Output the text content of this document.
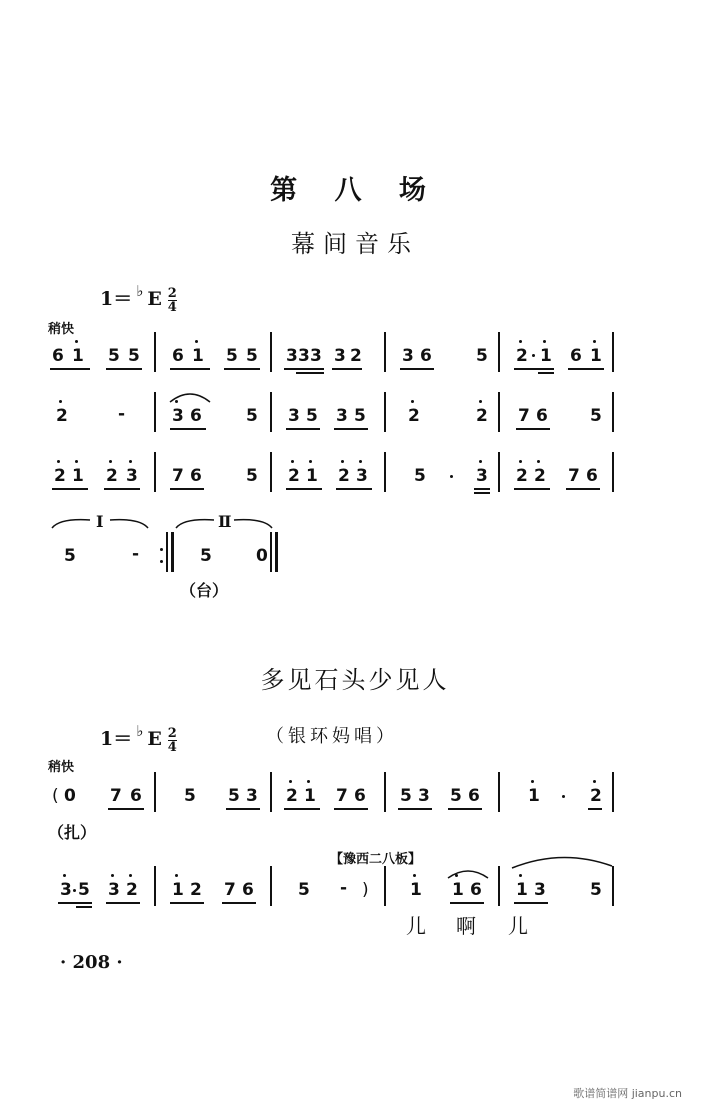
第 八 场
幕间音乐
1＝ ♭ E $\frac{2}{4}$
稍快
6 1 5 5 6 1 5 5 3 3 3 3 2 3 6	5 2 1 6 1
2	-	3 6	5 3 5 3 5 2	2 7 6 5
2 1 2 3 7 6	5 2 1 2 3	5	3 2 2 7 6
I	Ⅱ
5	-	5	0
（台）
多见石头少见人
1＝ ♭ E $\frac{2}{4}$	（银环妈唱）
稍快
( 0 7 6 5 5 3 2 1 7 6 5 3 5 6	1	2
3 5 3 2 1 2 7 6	5 - ) 1 1 6 1 3	5
（扎）
【豫西二八板】
儿 啊 儿
· 208 ·
歌谱简谱网 jianpu.cn
